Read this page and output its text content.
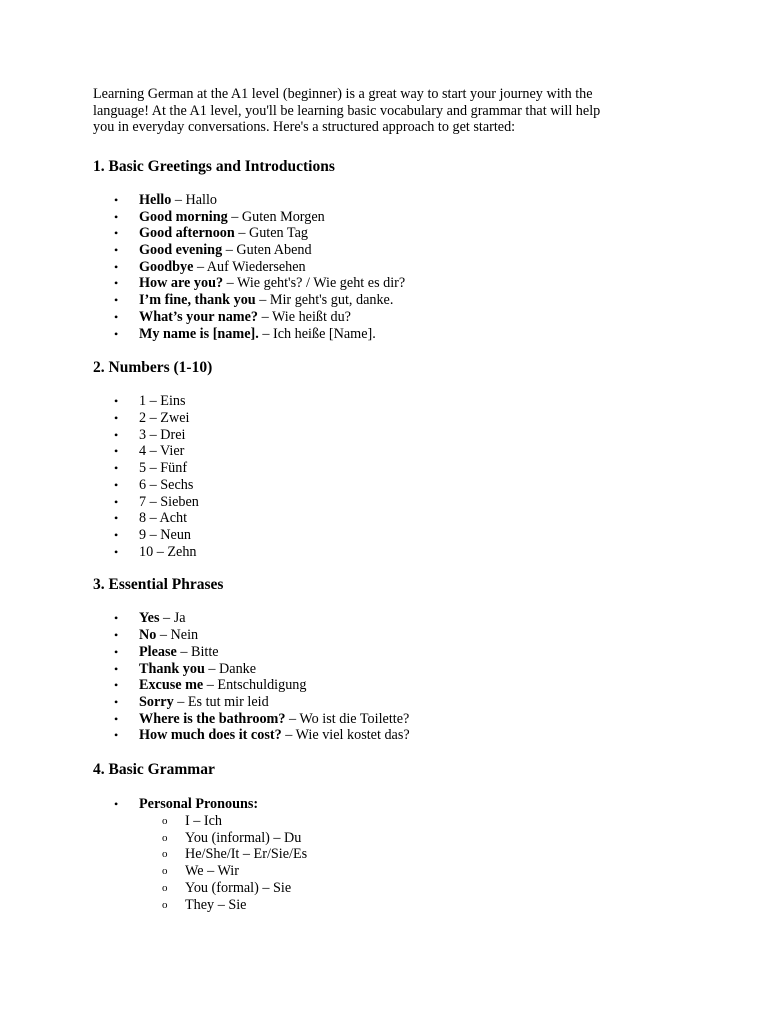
Learning German at the A1 level (beginner) is a great way to start your journey with the
language! At the A1 level, you'll be learning basic vocabulary and grammar that will help
you in everyday conversations. Here's a structured approach to get started:

1. Basic Greetings and Introductions
• Hello – Hallo
• Good morning – Guten Morgen
• Good afternoon – Guten Tag
• Good evening – Guten Abend
• Goodbye – Auf Wiedersehen
• How are you? – Wie geht's? / Wie geht es dir?
• I’m fine, thank you – Mir geht's gut, danke.
• What’s your name? – Wie heißt du?
• My name is [name]. – Ich heiße [Name].
2. Numbers (1-10)
• 1 – Eins
• 2 – Zwei
• 3 – Drei
• 4 – Vier
• 5 – Fünf
• 6 – Sechs
• 7 – Sieben
• 8 – Acht
• 9 – Neun
• 10 – Zehn
3. Essential Phrases
• Yes – Ja
• No – Nein
• Please – Bitte
• Thank you – Danke
• Excuse me – Entschuldigung
• Sorry – Es tut mir leid
• Where is the bathroom? – Wo ist die Toilette?
• How much does it cost? – Wie viel kostet das?
4. Basic Grammar
• Personal Pronouns:
o I – Ich
o You (informal) – Du
o He/She/It – Er/Sie/Es
o We – Wir
o You (formal) – Sie
o They – Sie
